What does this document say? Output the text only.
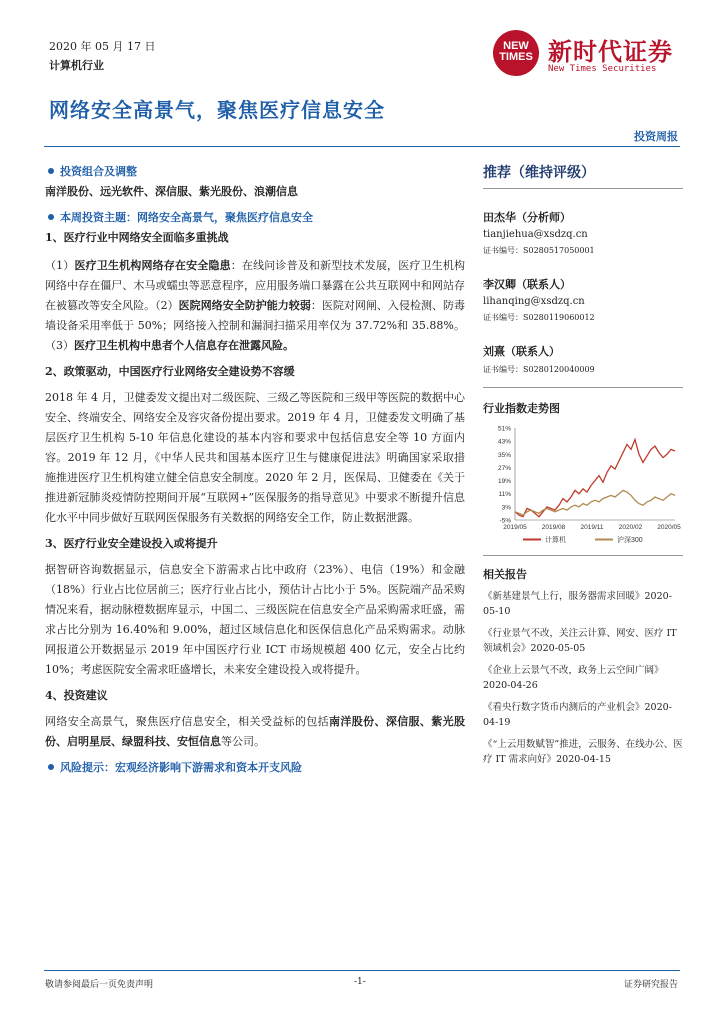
2020 年 05 月 17 日
计算机行业
NEW
TIMES 新时代证券
New Times Securities
网络安全高景气，聚焦医疗信息安全
投资周报

投资组合及调整

南洋股份、远光软件、深信服、紫光股份、浪潮信息

本周投资主题：网络安全高景气，聚焦医疗信息安全

1、医疗行业中网络安全面临多重挑战

（1）医疗卫生机构网络存在安全隐患：在线问诊普及和新型技术发展，医疗卫生机构网络中存在僵尸、木马或蠕虫等恶意程序，应用服务端口暴露在公共互联网中和网站存在被篡改等安全风险。（2）医院网络安全防护能力较弱：医院对网闸、入侵检测、防毒墙设备采用率低于 50%；网络接入控制和漏洞扫描采用率仅为 37.72%和 35.88%。（3）医疗卫生机构中患者个人信息存在泄露风险。

2、政策驱动，中国医疗行业网络安全建设势不容缓

2018 年 4 月，卫健委发文提出对二级医院、三级乙等医院和三级甲等医院的数据中心安全、终端安全、网络安全及容灾备份提出要求。2019 年 4 月，卫健委发文明确了基层医疗卫生机构 5-10 年信息化建设的基本内容和要求中包括信息安全等 10 方面内容。2019 年 12 月，《中华人民共和国基本医疗卫生与健康促进法》明确国家采取措施推进医疗卫生机构建立健全信息安全制度。2020 年 2 月，医保局、卫健委在《关于推进新冠肺炎疫情防控期间开展“互联网+”医保服务的指导意见》中要求不断提升信息化水平中同步做好互联网医保服务有关数据的网络安全工作，防止数据泄露。

3、医疗行业安全建设投入或将提升

据智研咨询数据显示，信息安全下游需求占比中政府（23%）、电信（19%）和金融（18%）行业占比位居前三；医疗行业占比小，预估计占比小于 5%。医院端产品采购情况来看，据动脉橙数据库显示，中国二、三级医院在信息安全产品采购需求旺盛，需求占比分别为 16.40%和 9.00%，超过区域信息化和医保信息化产品采购需求。动脉网报道公开数据显示 2019 年中国医疗行业 ICT 市场规模超 400 亿元，安全占比约 10%；考虑医院安全需求旺盛增长，未来安全建设投入或将提升。

4、投资建议

网络安全高景气，聚焦医疗信息安全，相关受益标的包括南洋股份、深信服、紫光股份、启明星辰、绿盟科技、安恒信息等公司。

风险提示：宏观经济影响下游需求和资本开支风险

推荐（维持评级）
田杰华（分析师）
tianjiehua@xsdzq.cn
证书编号：S0280517050001
李汉卿（联系人）
lihanqing@xsdzq.cn
证书编号：S0280119060012
刘熹（联系人）
证书编号：S0280120040009
行业指数走势图
51%
43%
35%
27%
19%
11%
3%
-5%
2019/05 2019/08 2019/11 2020/02 2020/05
计算机	沪深300
相关报告
《新基建景气上行，服务器需求回暖》2020-05-10
《行业景气不改，关注云计算、网安、医疗 IT 领域机会》2020-05-05
《企业上云景气不改，政务上云空间广阔》2020-04-26
《看央行数字货币内测后的产业机会》2020-04-19
《“上云用数赋智”推进，云服务、在线办公、医疗 IT 需求向好》2020-04-15
敬请参阅最后一页免责声明	-1-	证券研究报告
